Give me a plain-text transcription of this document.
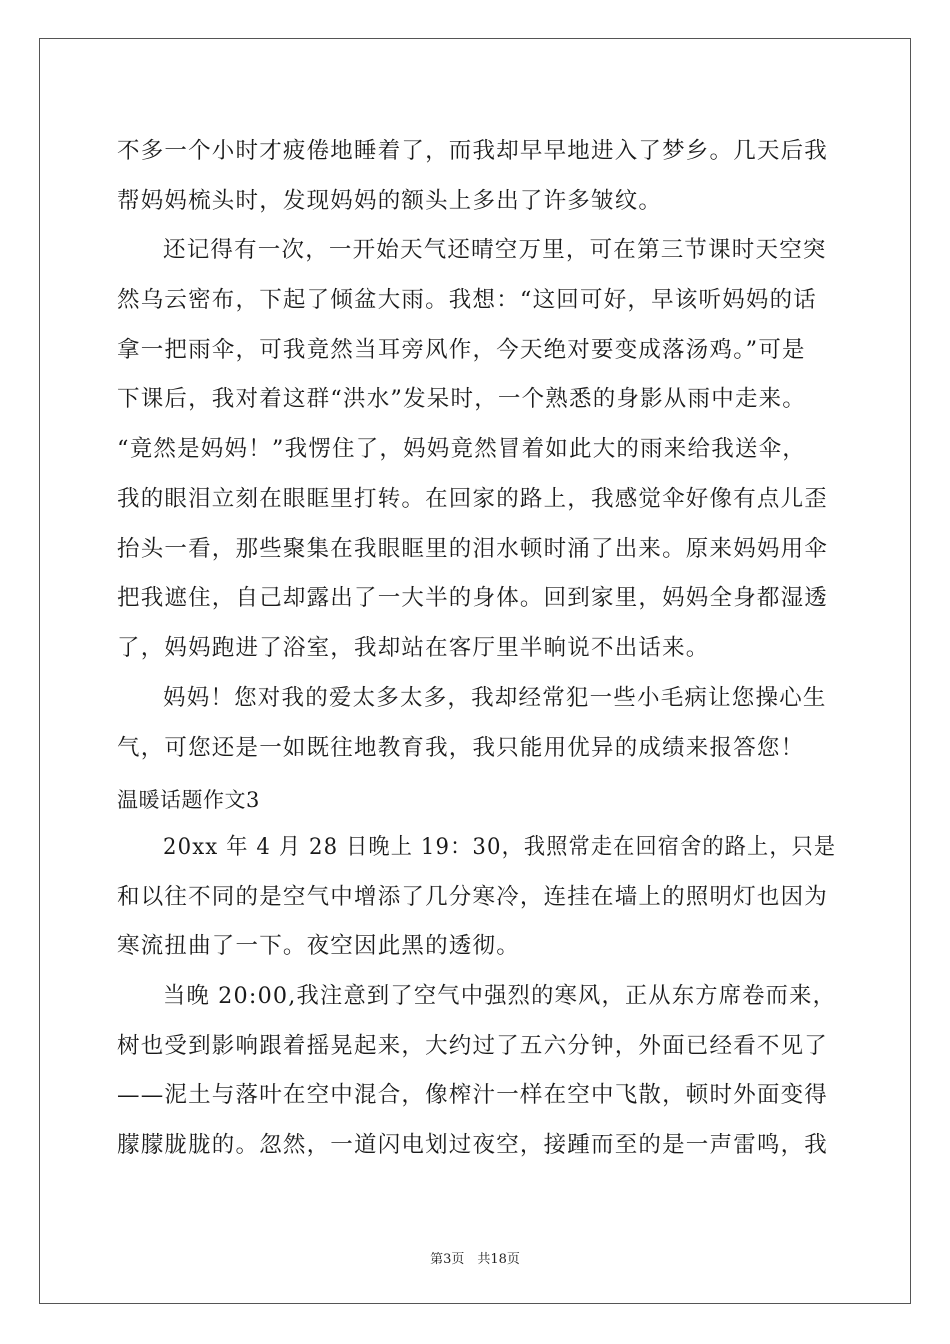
不多一个小时才疲倦地睡着了，而我却早早地进入了梦乡。几天后我
帮妈妈梳头时，发现妈妈的额头上多出了许多皱纹。
还记得有一次，一开始天气还晴空万里，可在第三节课时天空突
然乌云密布，下起了倾盆大雨。我想：“这回可好，早该听妈妈的话
拿一把雨伞，可我竟然当耳旁风作，今天绝对要变成落汤鸡。”可是
下课后，我对着这群“洪水”发呆时，一个熟悉的身影从雨中走来。
“竟然是妈妈！”我愣住了，妈妈竟然冒着如此大的雨来给我送伞，
我的眼泪立刻在眼眶里打转。在回家的路上，我感觉伞好像有点儿歪
抬头一看，那些聚集在我眼眶里的泪水顿时涌了出来。原来妈妈用伞
把我遮住，自己却露出了一大半的身体。回到家里，妈妈全身都湿透
了，妈妈跑进了浴室，我却站在客厅里半晌说不出话来。
妈妈！您对我的爱太多太多，我却经常犯一些小毛病让您操心生
气，可您还是一如既往地教育我，我只能用优异的成绩来报答您！
温暖话题作文3
20xx 年 4 月 28 日晚上 19：30，我照常走在回宿舍的路上，只是
和以往不同的是空气中增添了几分寒冷，连挂在墙上的照明灯也因为
寒流扭曲了一下。夜空因此黑的透彻。
当晚 20:00,我注意到了空气中强烈的寒风，正从东方席卷而来，
树也受到影响跟着摇晃起来，大约过了五六分钟，外面已经看不见了
——泥土与落叶在空中混合，像榨汁一样在空中飞散，顿时外面变得
朦朦胧胧的。忽然，一道闪电划过夜空，接踵而至的是一声雷鸣，我
第3页　共18页
